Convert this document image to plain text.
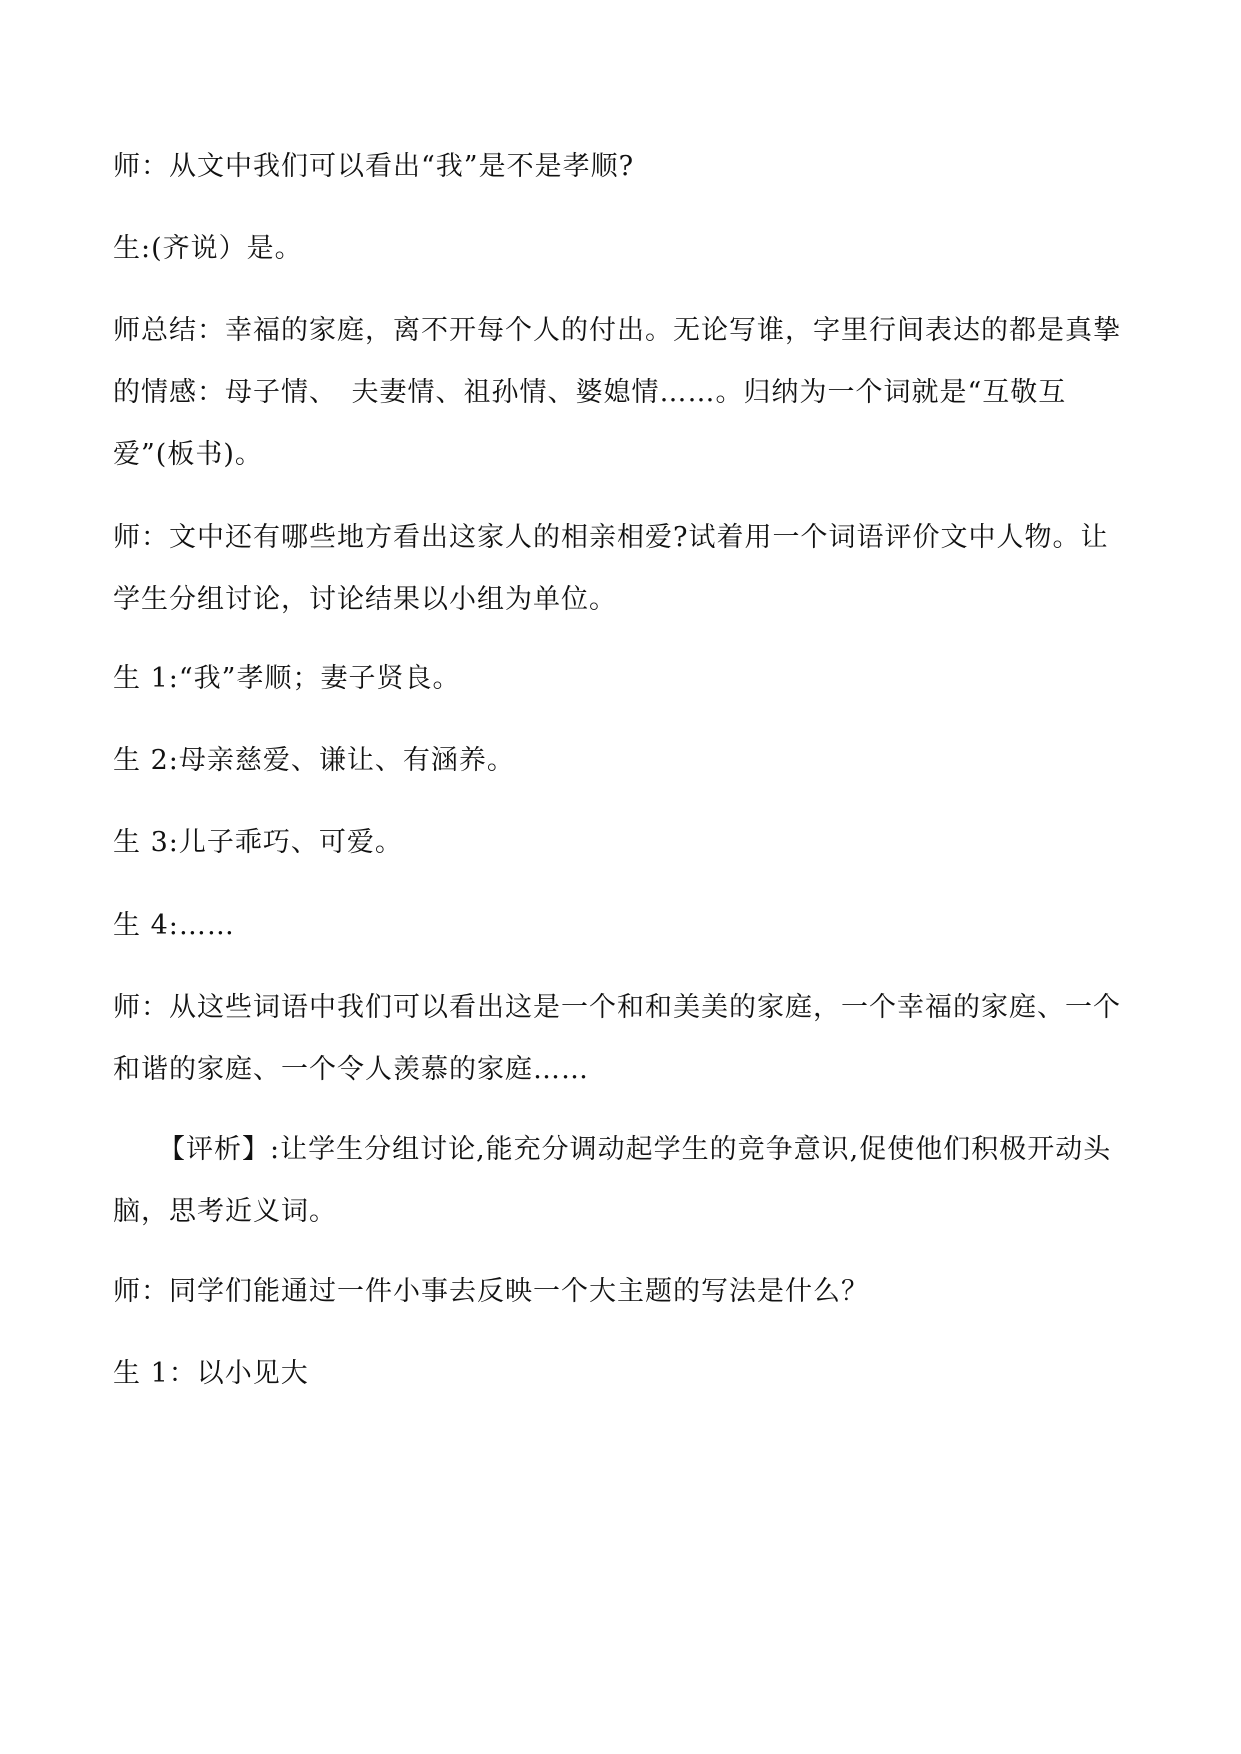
师：从文中我们可以看出“我”是不是孝顺?

生:(齐说）是。

师总结：幸福的家庭，离不开每个人的付出。无论写谁，字里行间表达的都是真挚的情感：母子情、　夫妻情、祖孙情、婆媳情……。归纳为一个词就是“互敬互爱”(板书)。

师：文中还有哪些地方看出这家人的相亲相爱?试着用一个词语评价文中人物。让学生分组讨论，讨论结果以小组为单位。

生 1:“我”孝顺；妻子贤良。

生 2:母亲慈爱、谦让、有涵养。

生 3:儿子乖巧、可爱。

生 4:……

师：从这些词语中我们可以看出这是一个和和美美的家庭，一个幸福的家庭、一个和谐的家庭、一个令人羡慕的家庭……

【评析】:让学生分组讨论,能充分调动起学生的竞争意识,促使他们积极开动头脑，思考近义词。

师：同学们能通过一件小事去反映一个大主题的写法是什么？

生 1：以小见大
